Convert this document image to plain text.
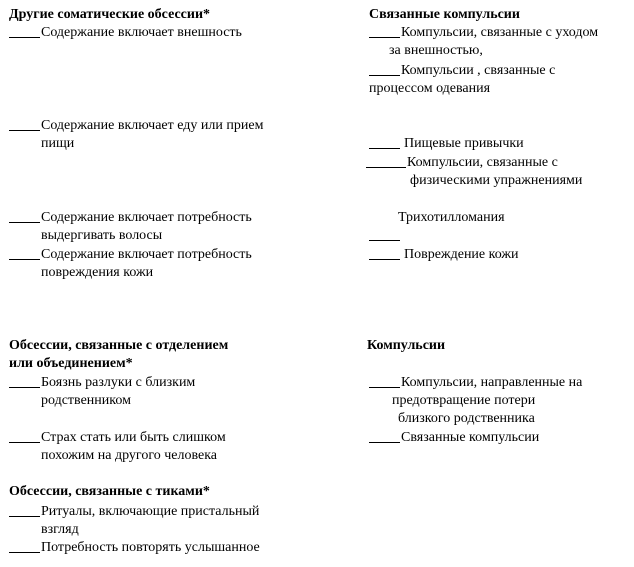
Другие соматические обсессии*
Содержание включает внешность
Содержание включает еду или прием
пищи
Содержание включает потребность
выдергивать волосы
Содержание включает потребность
повреждения кожи
Обсессии, связанные с отделением
или объединением*
Боязнь разлуки с близким
родственником
Страх стать или быть слишком
похожим на другого человека
Обсессии, связанные с тиками*
Ритуалы, включающие пристальный
взгляд
Потребность повторять услышанное
Связанные компульсии
Компульсии, связанные с уходом
за внешностью,
Компульсии , связанные с
процессом одевания
Пищевые привычки
Компульсии, связанные с
физическими упражнениями
Трихотилломания
Повреждение кожи
Компульсии
Компульсии, направленные на
предотвращение потери
близкого родственника
Связанные компульсии
